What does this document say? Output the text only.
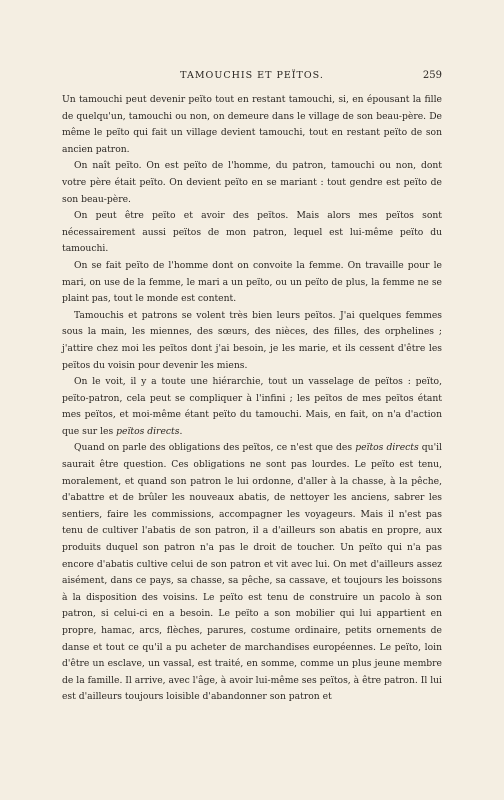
TAMOUCHIS ET PEÏTOS.	259

Un tamouchi peut devenir peïto tout en restant tamouchi, si, en épousant la fille de quelqu'un, tamouchi ou non, on demeure dans le village de son beau-père. De même le peïto qui fait un village devient tamouchi, tout en restant peïto de son ancien patron.

On naît peïto. On est peïto de l'homme, du patron, tamouchi ou non, dont votre père était peïto. On devient peïto en se mariant : tout gendre est peïto de son beau-père.

On peut être peïto et avoir des peïtos. Mais alors mes peïtos sont nécessairement aussi peïtos de mon patron, lequel est lui-même peïto du tamouchi.

On se fait peïto de l'homme dont on convoite la femme. On travaille pour le mari, on use de la femme, le mari a un peïto, ou un peïto de plus, la femme ne se plaint pas, tout le monde est content.

Tamouchis et patrons se volent très bien leurs peïtos. J'ai quelques femmes sous la main, les miennes, des sœurs, des nièces, des filles, des orphelines ; j'attire chez moi les peïtos dont j'ai besoin, je les marie, et ils cessent d'être les peïtos du voisin pour devenir les miens.

On le voit, il y a toute une hiérarchie, tout un vasselage de peïtos : peïto, peïto-patron, cela peut se compliquer à l'infini ; les peïtos de mes peïtos étant mes peïtos, et moi-même étant peïto du tamouchi. Mais, en fait, on n'a d'action que sur les peïtos directs.

Quand on parle des obligations des peïtos, ce n'est que des peïtos directs qu'il saurait être question. Ces obligations ne sont pas lourdes. Le peïto est tenu, moralement, et quand son patron le lui ordonne, d'aller à la chasse, à la pêche, d'abattre et de brûler les nouveaux abatis, de nettoyer les anciens, sabrer les sentiers, faire les commissions, accompagner les voyageurs. Mais il n'est pas tenu de cultiver l'abatis de son patron, il a d'ailleurs son abatis en propre, aux produits duquel son patron n'a pas le droit de toucher. Un peïto qui n'a pas encore d'abatis cultive celui de son patron et vit avec lui. On met d'ailleurs assez aisément, dans ce pays, sa chasse, sa pêche, sa cassave, et toujours les boissons à la disposition des voisins. Le peïto est tenu de construire un pacolo à son patron, si celui-ci en a besoin. Le peïto a son mobilier qui lui appartient en propre, hamac, arcs, flèches, parures, costume ordinaire, petits ornements de danse et tout ce qu'il a pu acheter de marchandises européennes. Le peïto, loin d'être un esclave, un vassal, est traité, en somme, comme un plus jeune membre de la famille. Il arrive, avec l'âge, à avoir lui-même ses peïtos, à être patron. Il lui est d'ailleurs toujours loisible d'abandonner son patron et
